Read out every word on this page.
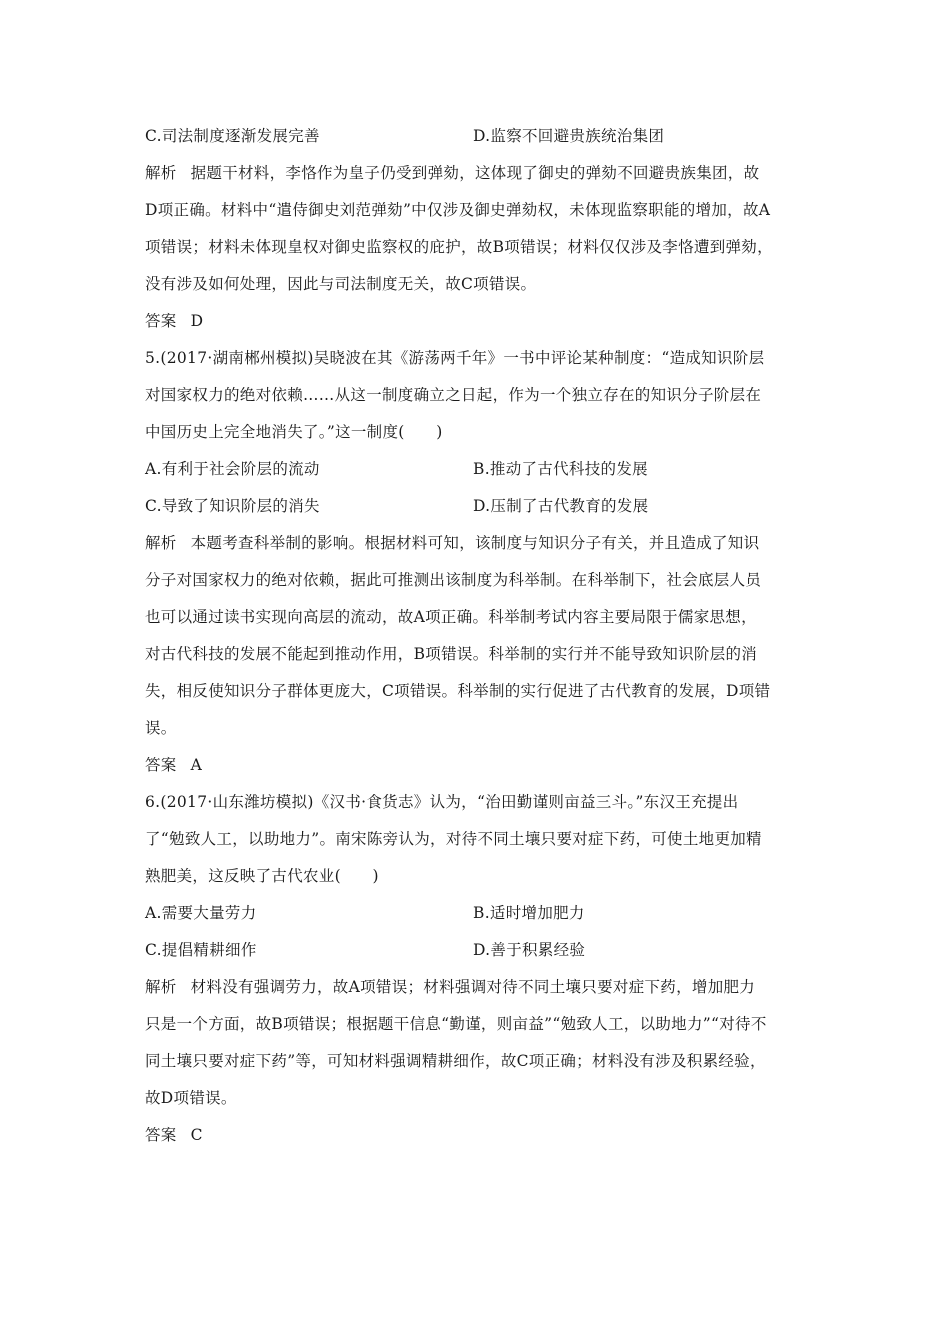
C.司法制度逐渐发展完善	D.监察不回避贵族统治集团
解析 据题干材料，李恪作为皇子仍受到弹劾，这体现了御史的弹劾不回避贵族集团，故
D项正确。材料中“遣侍御史刘范弹劾”中仅涉及御史弹劾权，未体现监察职能的增加，故A
项错误；材料未体现皇权对御史监察权的庇护，故B项错误；材料仅仅涉及李恪遭到弹劾，
没有涉及如何处理，因此与司法制度无关，故C项错误。
答案 D
5.(2017·湖南郴州模拟)吴晓波在其《游荡两千年》一书中评论某种制度：“造成知识阶层
对国家权力的绝对依赖……从这一制度确立之日起，作为一个独立存在的知识分子阶层在
中国历史上完全地消失了。”这一制度(　　)
A.有利于社会阶层的流动	B.推动了古代科技的发展
C.导致了知识阶层的消失	D.压制了古代教育的发展
解析 本题考查科举制的影响。根据材料可知，该制度与知识分子有关，并且造成了知识
分子对国家权力的绝对依赖，据此可推测出该制度为科举制。在科举制下，社会底层人员
也可以通过读书实现向高层的流动，故A项正确。科举制考试内容主要局限于儒家思想，
对古代科技的发展不能起到推动作用，B项错误。科举制的实行并不能导致知识阶层的消
失，相反使知识分子群体更庞大，C项错误。科举制的实行促进了古代教育的发展，D项错
误。
答案 A
6.(2017·山东潍坊模拟)《汉书·食货志》认为，“治田勤谨则亩益三斗。”东汉王充提出
了“勉致人工，以助地力”。南宋陈旁认为，对待不同土壤只要对症下药，可使土地更加精
熟肥美，这反映了古代农业(　　)
A.需要大量劳力	B.适时增加肥力
C.提倡精耕细作	D.善于积累经验
解析 材料没有强调劳力，故A项错误；材料强调对待不同土壤只要对症下药，增加肥力
只是一个方面，故B项错误；根据题干信息“勤谨，则亩益”“勉致人工，以助地力”“对待不
同土壤只要对症下药”等，可知材料强调精耕细作，故C项正确；材料没有涉及积累经验，
故D项错误。
答案 C
